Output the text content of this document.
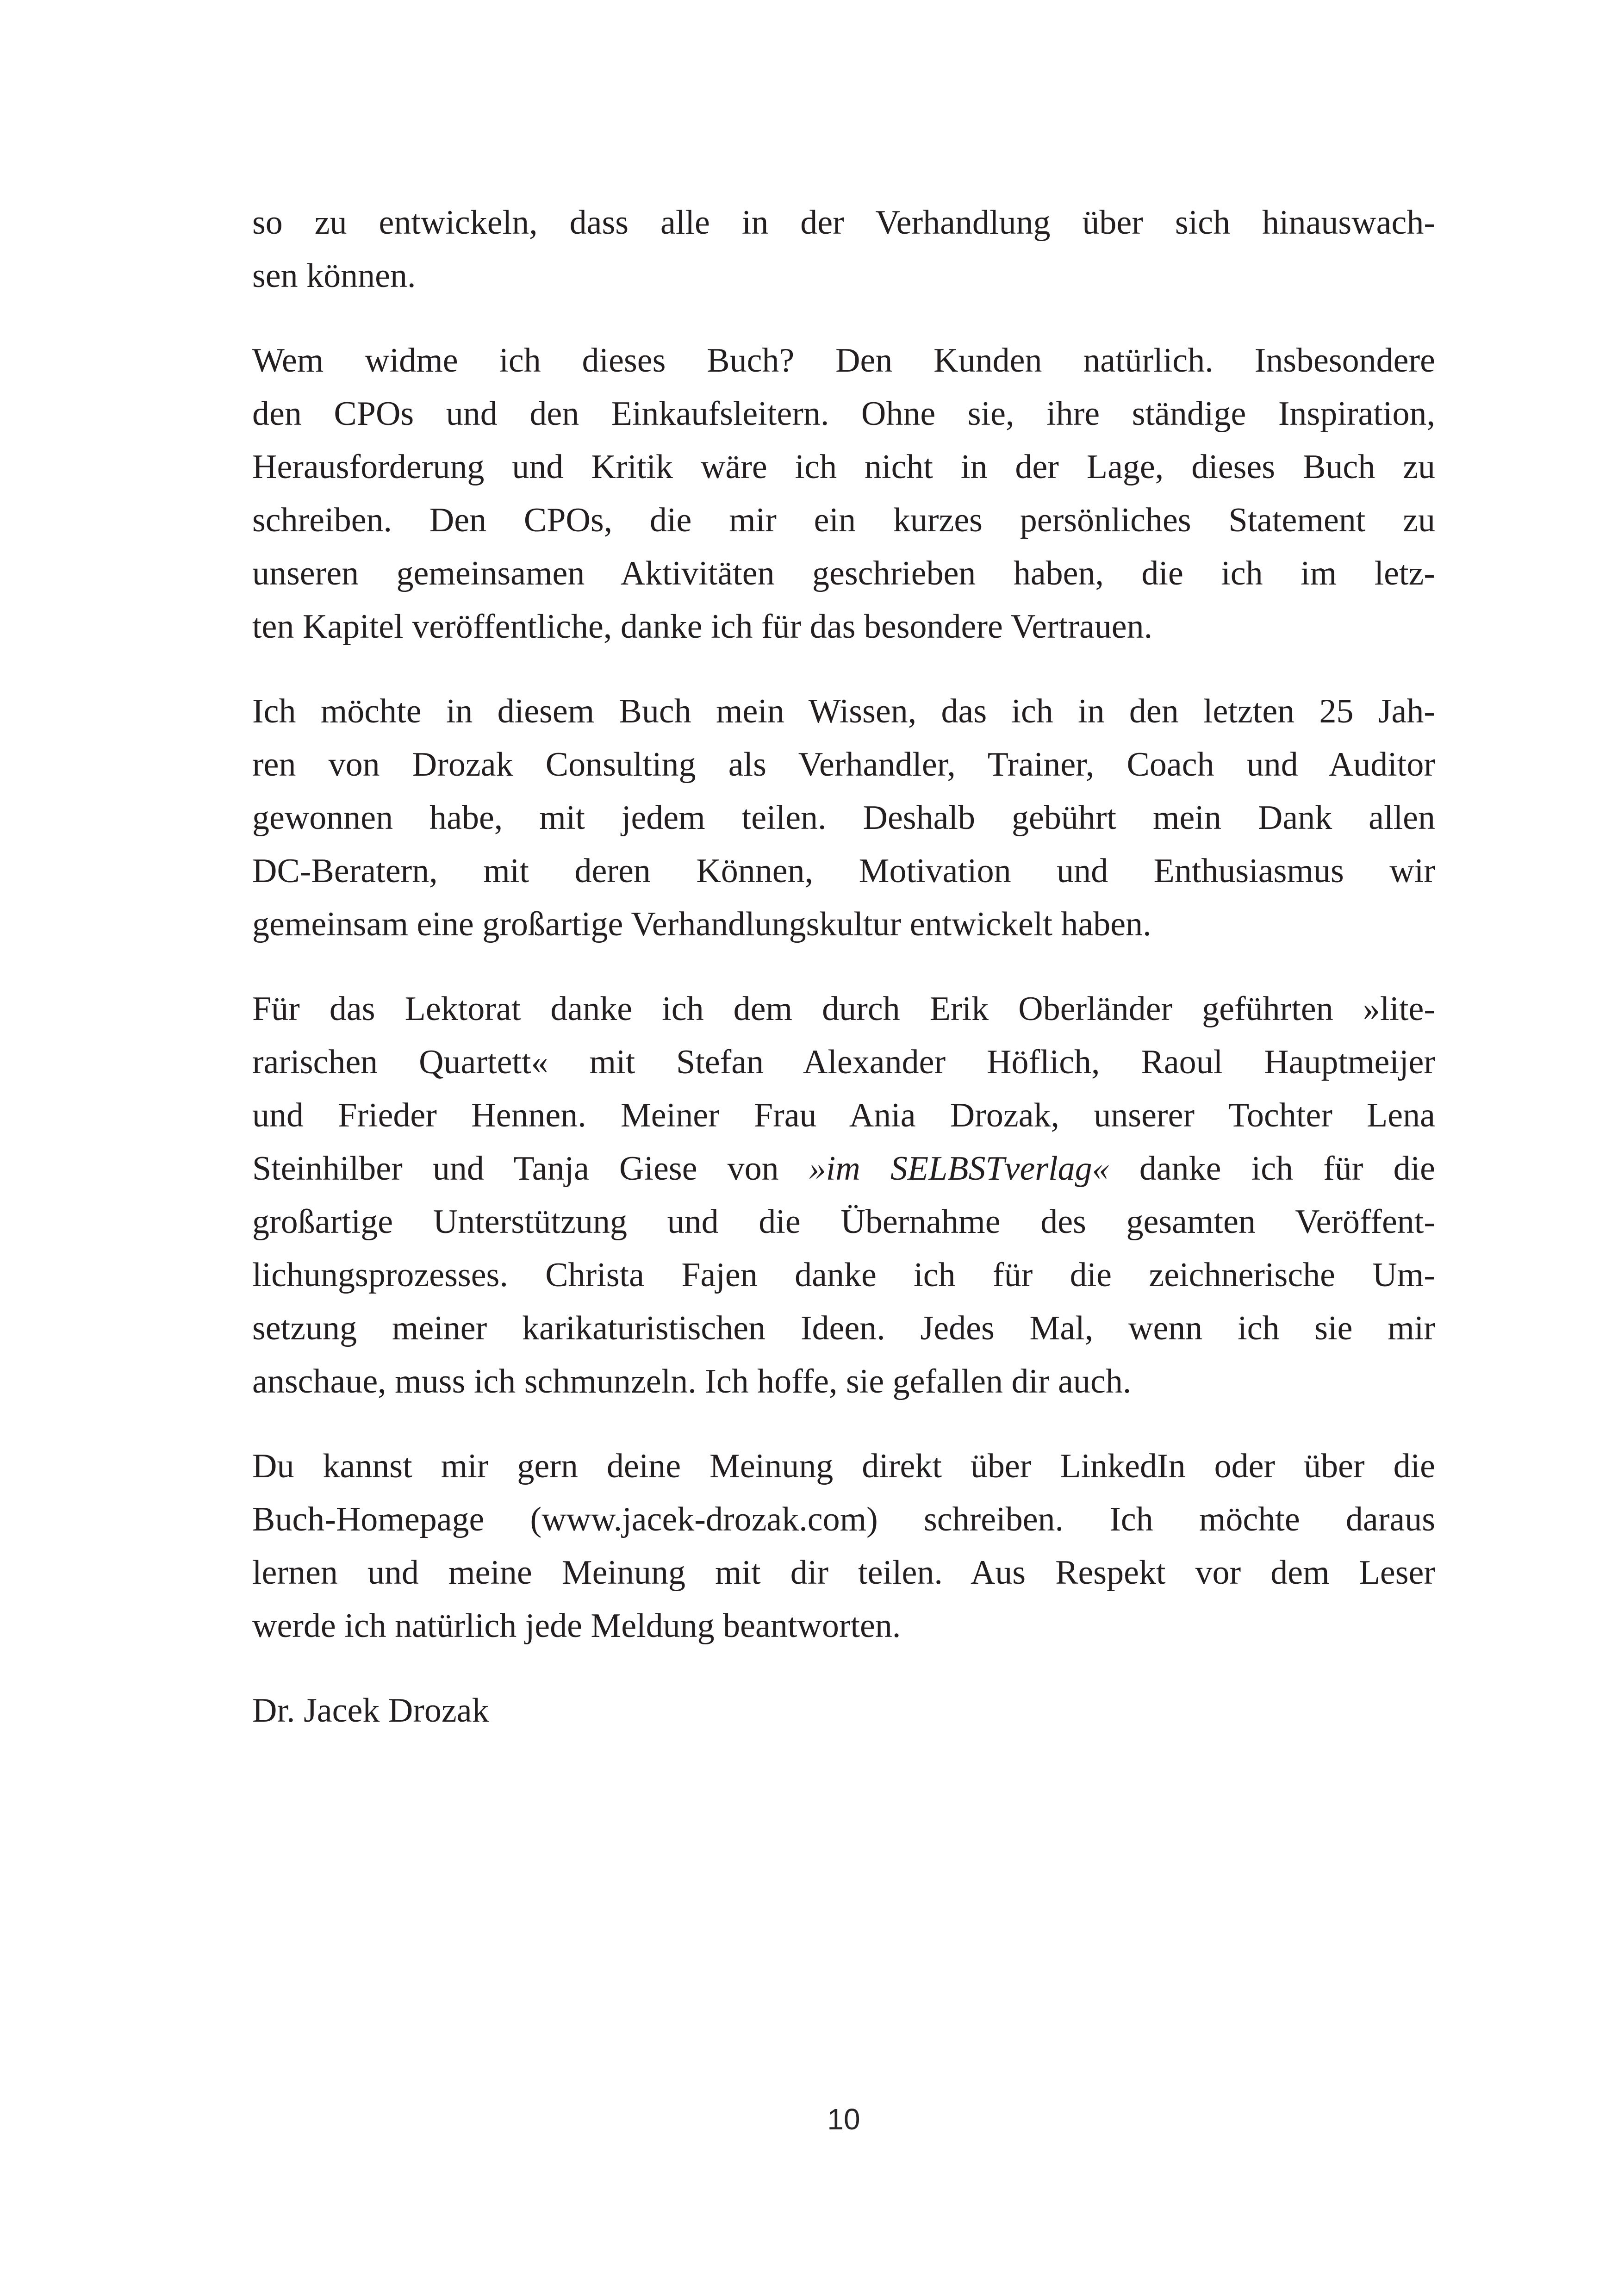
so zu entwickeln, dass alle in der Verhandlung über sich hinauswach-
sen können.
Wem widme ich dieses Buch? Den Kunden natürlich. Insbesondere
den CPOs und den Einkaufsleitern. Ohne sie, ihre ständige Inspiration,
Herausforderung und Kritik wäre ich nicht in der Lage, dieses Buch zu
schreiben. Den CPOs, die mir ein kurzes persönliches Statement zu
unseren gemeinsamen Aktivitäten geschrieben haben, die ich im letz-
ten Kapitel veröffentliche, danke ich für das besondere Vertrauen.
Ich möchte in diesem Buch mein Wissen, das ich in den letzten 25 Jah-
ren von Drozak Consulting als Verhandler, Trainer, Coach und Auditor
gewonnen habe, mit jedem teilen. Deshalb gebührt mein Dank allen
DC-Beratern, mit deren Können, Motivation und Enthusiasmus wir
gemeinsam eine großartige Verhandlungskultur entwickelt haben.
Für das Lektorat danke ich dem durch Erik Oberländer geführten »lite-
rarischen Quartett« mit Stefan Alexander Höflich, Raoul Hauptmeijer
und Frieder Hennen. Meiner Frau Ania Drozak, unserer Tochter Lena
Steinhilber und Tanja Giese von »im SELBSTverlag« danke ich für die
großartige Unterstützung und die Übernahme des gesamten Veröffent-
lichungsprozesses. Christa Fajen danke ich für die zeichnerische Um-
setzung meiner karikaturistischen Ideen. Jedes Mal, wenn ich sie mir
anschaue, muss ich schmunzeln. Ich hoffe, sie gefallen dir auch.
Du kannst mir gern deine Meinung direkt über LinkedIn oder über die
Buch-Homepage (www.jacek-drozak.com) schreiben. Ich möchte daraus
lernen und meine Meinung mit dir teilen. Aus Respekt vor dem Leser
werde ich natürlich jede Meldung beantworten.

Dr. Jacek Drozak

10
